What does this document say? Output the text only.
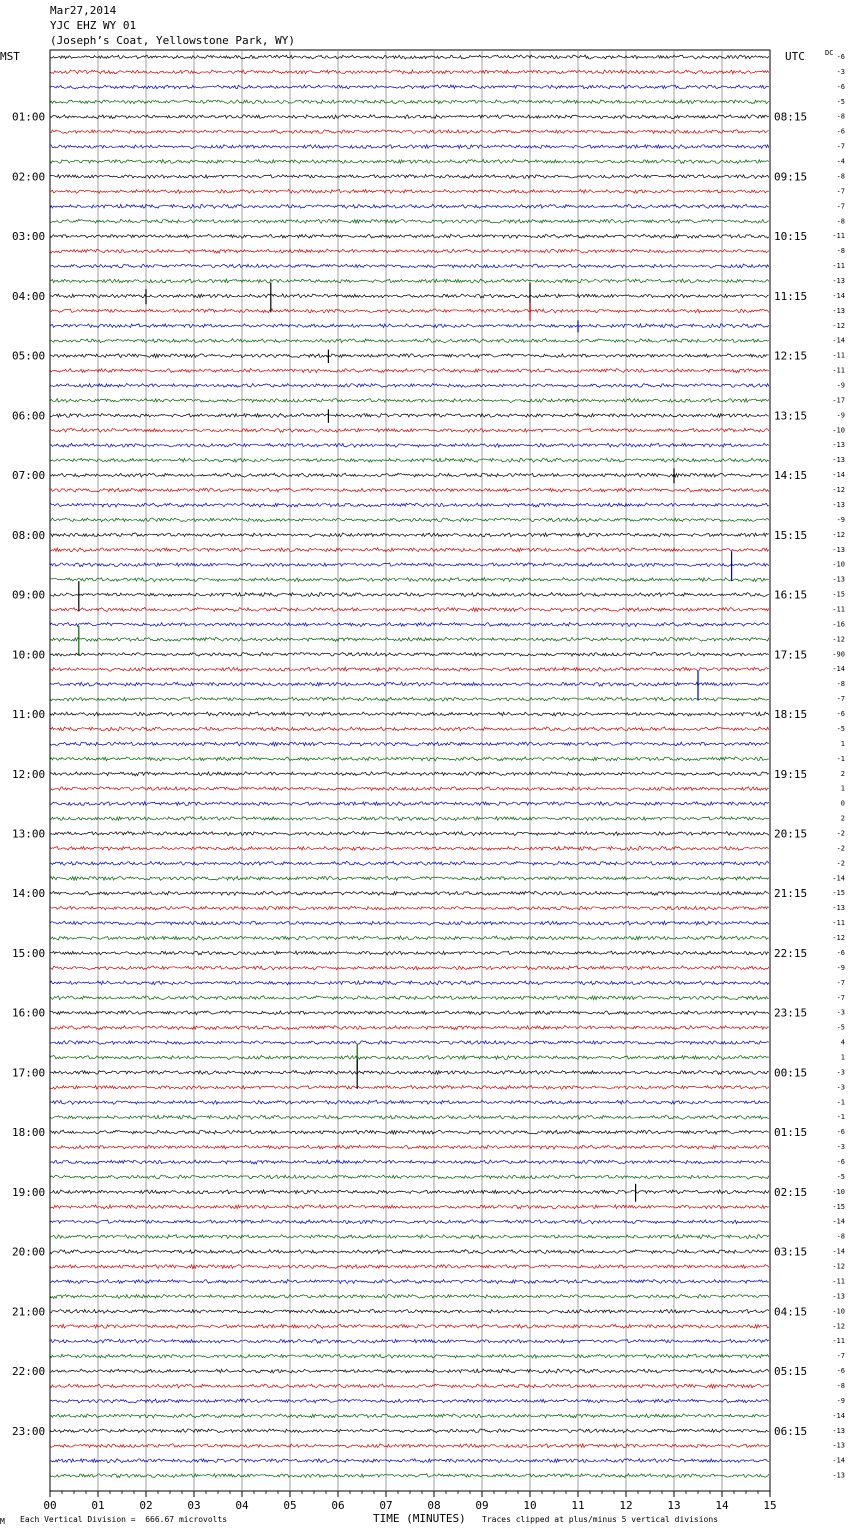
Mar27,2014
YJC EHZ WY 01
(Joseph’s Coat, Yellowstone Park, WY)
MST	UTC	DC
01:00
02:00
03:00
04:00
05:00
06:00
07:00
08:00
09:00
10:00
11:00
12:00
13:00
14:00
15:00
16:00
17:00
18:00
19:00
20:00
21:00
22:00
23:00
08:15
09:15
10:15
11:15
12:15
13:15
14:15
15:15
16:15
17:15
18:15
19:15
20:15
21:15
22:15
23:15
00:15
01:15
02:15
03:15
04:15
05:15
06:15
-6
-3
-6
-5
-8
-6
-7
-4
-8
-7
-7
-8
-11
-8
-11
-13
-14
-13
-12
-14
-11
-11
-9
-17
-9
-10
-13
-13
-14
-12
-13
-9
-12
-13
-10
-13
-15
-11
-16
-12
-90
-14
-8
-7
-6
-5
1
-1
2
1
0
2
-2
-2
-2
-14
-15
-13
-11
-12
-6
-9
-7
-7
-3
-5
4
1
-3
-3
-1
-1
-6
-3
-6
-5
-10
-15
-14
-8
-14
-12
-11
-13
-10
-12
-11
-7
-6
-8
-9
-14
-13
-13
-14
-13
00	01	02	03	04	05	06	07	08	09	10	11	12	13	14	15
M Each Vertical Division =  666.67 microvolts	TIME (MINUTES) Traces clipped at plus/minus 5 vertical divisions
